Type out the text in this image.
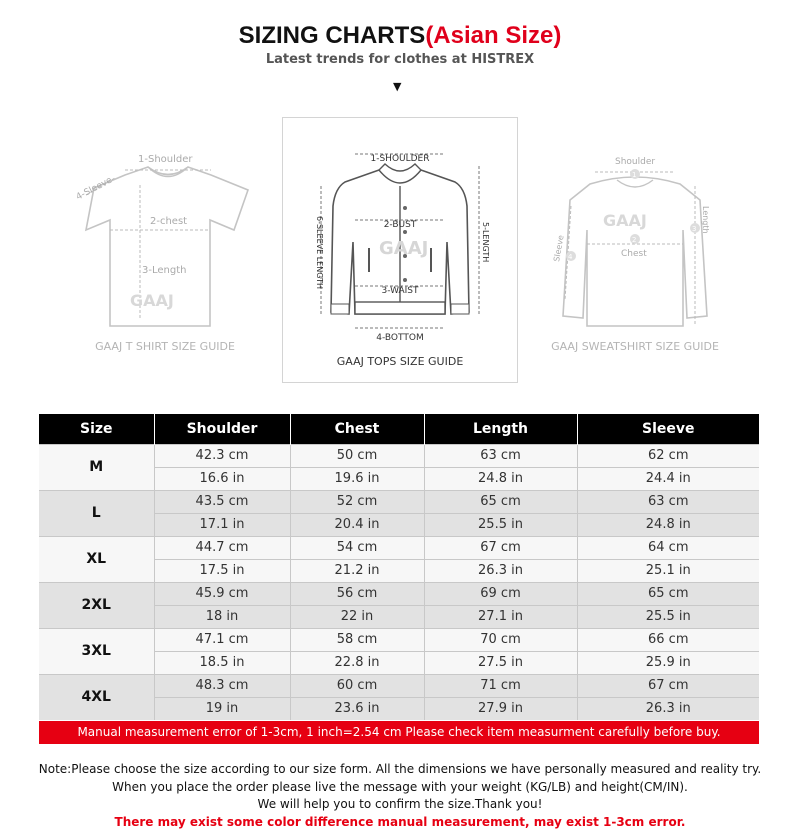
SIZING CHARTS(Asian Size)
Latest trends for clothes at HISTREX
▼
1-Shoulder
2-chest
3-Length
4-Sleeve
GAAJ
GAAJ T SHIRT SIZE GUIDE
1-SHOULDER
2-BUST
3-WAIST
4-BOTTOM
5-LENGTH
6-SLEEVE LENGTH	GAAJ
GAAJ TOPS SIZE GUIDE
1
2
3
4
Shoulder
Chest
Length
Sleeve
GAAJ
GAAJ SWEATSHIRT SIZE GUIDE
Size	Shoulder	Chest	Length	Sleeve
M	42.3 cm	50 cm	63 cm	62 cm
	16.6 in	19.6 in	24.8 in	24.4 in
L	43.5 cm	52 cm	65 cm	63 cm
	17.1 in	20.4 in	25.5 in	24.8 in
XL	44.7 cm	54 cm	67 cm	64 cm
	17.5 in	21.2 in	26.3 in	25.1 in
2XL	45.9 cm	56 cm	69 cm	65 cm
	18 in	22 in	27.1 in	25.5 in
3XL	47.1 cm	58 cm	70 cm	66 cm
	18.5 in	22.8 in	27.5 in	25.9 in
4XL	48.3 cm	60 cm	71 cm	67 cm
	19 in	23.6 in	27.9 in	26.3 in
Manual measurement error of 1-3cm, 1 inch=2.54 cm Please check item measurment carefully before buy.
Note:Please choose the size according to our size form. All the dimensions we have personally measured and reality try.
When you place the order please live the message with your weight (KG/LB) and height(CM/IN).
We will help you to confirm the size.Thank you!
There may exist some color difference manual measurement, may exist 1-3cm error.
